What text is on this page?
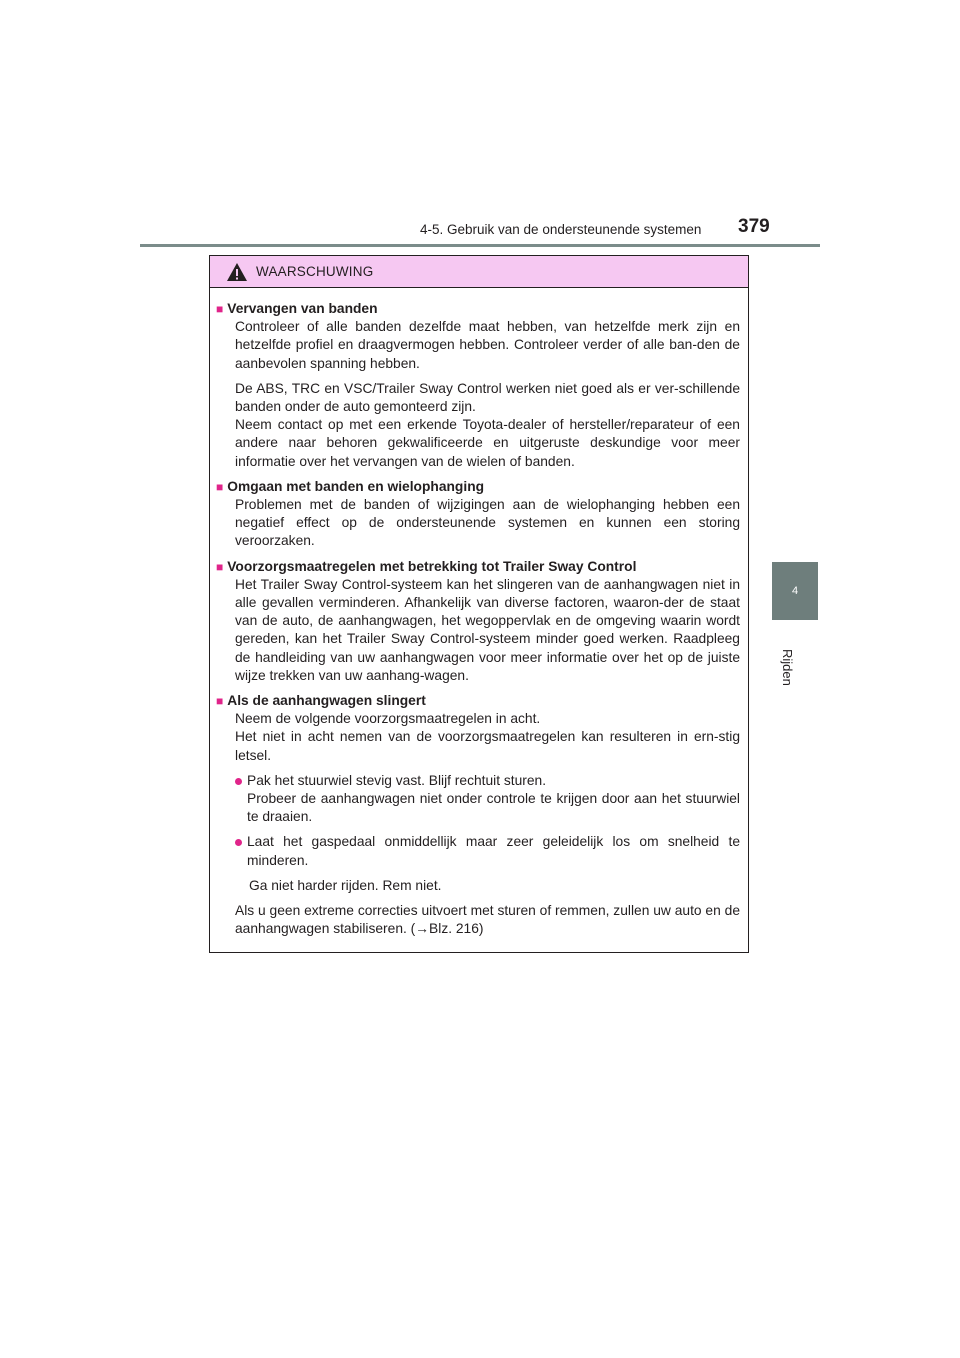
4-5. Gebruik van de ondersteunende systemen 379
4
Rijden
WAARSCHUWING
■ Vervangen van banden

Controleer of alle banden dezelfde maat hebben, van hetzelfde merk zijn en hetzelfde profiel en draagvermogen hebben. Controleer verder of alle ban-den de aanbevolen spanning hebben.

De ABS, TRC en VSC/Trailer Sway Control werken niet goed als er ver-schillende banden onder de auto gemonteerd zijn.

Neem contact op met een erkende Toyota-dealer of hersteller/reparateur of een andere naar behoren gekwalificeerde en uitgeruste deskundige voor meer informatie over het vervangen van de wielen of banden.

■ Omgaan met banden en wielophanging

Problemen met de banden of wijzigingen aan de wielophanging hebben een negatief effect op de ondersteunende systemen en kunnen een storing veroorzaken.

■ Voorzorgsmaatregelen met betrekking tot Trailer Sway Control

Het Trailer Sway Control-systeem kan het slingeren van de aanhangwagen niet in alle gevallen verminderen. Afhankelijk van diverse factoren, waaron-der de staat van de auto, de aanhangwagen, het wegoppervlak en de omgeving waarin wordt gereden, kan het Trailer Sway Control-systeem minder goed werken. Raadpleeg de handleiding van uw aanhangwagen voor meer informatie over het op de juiste wijze trekken van uw aanhang-wagen.

■ Als de aanhangwagen slingert

Neem de volgende voorzorgsmaatregelen in acht.

Het niet in acht nemen van de voorzorgsmaatregelen kan resulteren in ern-stig letsel.

Pak het stuurwiel stevig vast. Blijf rechtuit sturen.

Probeer de aanhangwagen niet onder controle te krijgen door aan het stuurwiel te draaien.

Laat het gaspedaal onmiddellijk maar zeer geleidelijk los om snelheid te minderen.

Ga niet harder rijden. Rem niet.

Als u geen extreme correcties uitvoert met sturen of remmen, zullen uw auto en de aanhangwagen stabiliseren. (→Blz. 216)
